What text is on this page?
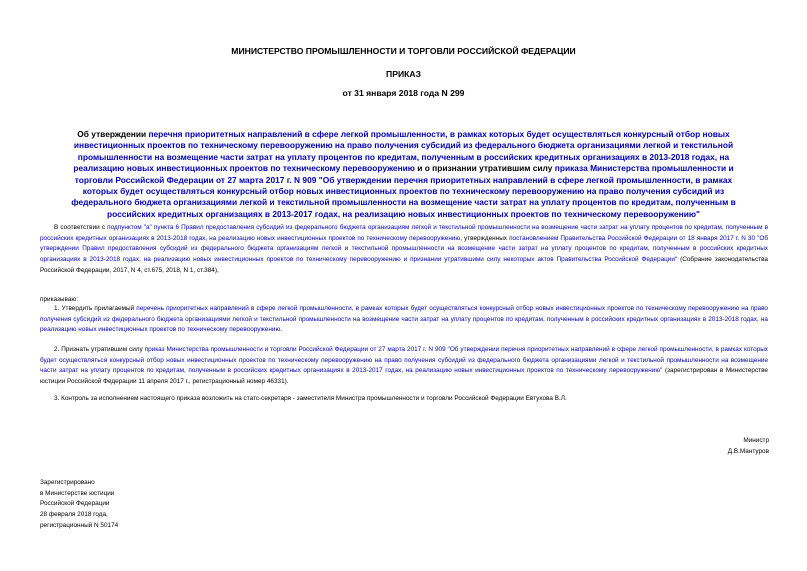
МИНИСТЕРСТВО ПРОМЫШЛЕННОСТИ И ТОРГОВЛИ РОССИЙСКОЙ ФЕДЕРАЦИИ
ПРИКАЗ
от 31 января 2018 года N 299
Об утверждении перечня приоритетных направлений в сфере легкой промышленности, в рамках которых будет осуществляться конкурсный отбор новых инвестиционных проектов по техническому перевооружению на право получения субсидий из федерального бюджета организациями легкой и текстильной промышленности на возмещение части затрат на уплату процентов по кредитам, полученным в российских кредитных организациях в 2013-2018 годах, на реализацию новых инвестиционных проектов по техническому перевооружению и о признании утратившим силу приказа Министерства промышленности и торговли Российской Федерации от 27 марта 2017 г. N 909 "Об утверждении перечня приоритетных направлений в сфере легкой промышленности, в рамках которых будет осуществляться конкурсный отбор новых инвестиционных проектов по техническому перевооружению на право получения субсидий из федерального бюджета организациями легкой и текстильной промышленности на возмещение части затрат на уплату процентов по кредитам, полученным в российских кредитных организациях в 2013-2017 годах, на реализацию новых инвестиционных проектов по техническому перевооружению"
В соответствии с подпунктом "а" пункта 6 Правил предоставления субсидий из федерального бюджета организациям легкой и текстильной промышленности на возмещение части затрат на уплату процентов по кредитам, полученным в российских кредитных организациях в 2013-2018 годах, на реализацию новых инвестиционных проектов по техническому перевооружению, утвержденных постановлением Правительства Российской Федерации от 18 января 2017 г. N 30 "Об утверждении Правил предоставления субсидий из федерального бюджета организациям легкой и текстильной промышленности на возмещение части затрат на уплату процентов по кредитам, полученным в российских кредитных организациях в 2013-2018 годах, на реализацию новых инвестиционных проектов по техническому перевооружению и признании утратившими силу некоторых актов Правительства Российской Федерации" (Собрание законодательства Российской Федерации, 2017, N 4, ст.675, 2018, N 1, ст.384),
приказываю:
1. Утвердить прилагаемый перечень приоритетных направлений в сфере легкой промышленности, в рамках которых будет осуществляться конкурсный отбор новых инвестиционных проектов по техническому перевооружению на право получения субсидий из федерального бюджета организациями легкой и текстильной промышленности на возмещение части затрат на уплату процентов по кредитам, полученным в российских кредитных организациях в 2013-2018 годах, на реализацию новых инвестиционных проектов по техническому перевооружению.
2. Признать утратившим силу приказ Министерства промышленности и торговли Российской Федерации от 27 марта 2017 г. N 909 "Об утверждении перечня приоритетных направлений в сфере легкой промышленности, в рамках которых будет осуществляться конкурсный отбор новых инвестиционных проектов по техническому перевооружению на право получения субсидий из федерального бюджета организациями легкой и текстильной промышленности на возмещение части затрат на уплату процентов по кредитам, полученным в российских кредитных организациях в 2013-2017 годах, на реализацию новых инвестиционных проектов по техническому перевооружению" (зарегистрирован в Министерстве юстиции Российской Федерации 11 апреля 2017 г., регистрационный номер 46331).
3. Контроль за исполнением настоящего приказа возложить на статс-секретаря - заместителя Министра промышленности и торговли Российской Федерации Евтухова В.Л.
Министр
Д.В.Мантуров
Зарегистрировано
в Министерстве юстиции
Российской Федерации
28 февраля 2018 года,
регистрационный N 50174
